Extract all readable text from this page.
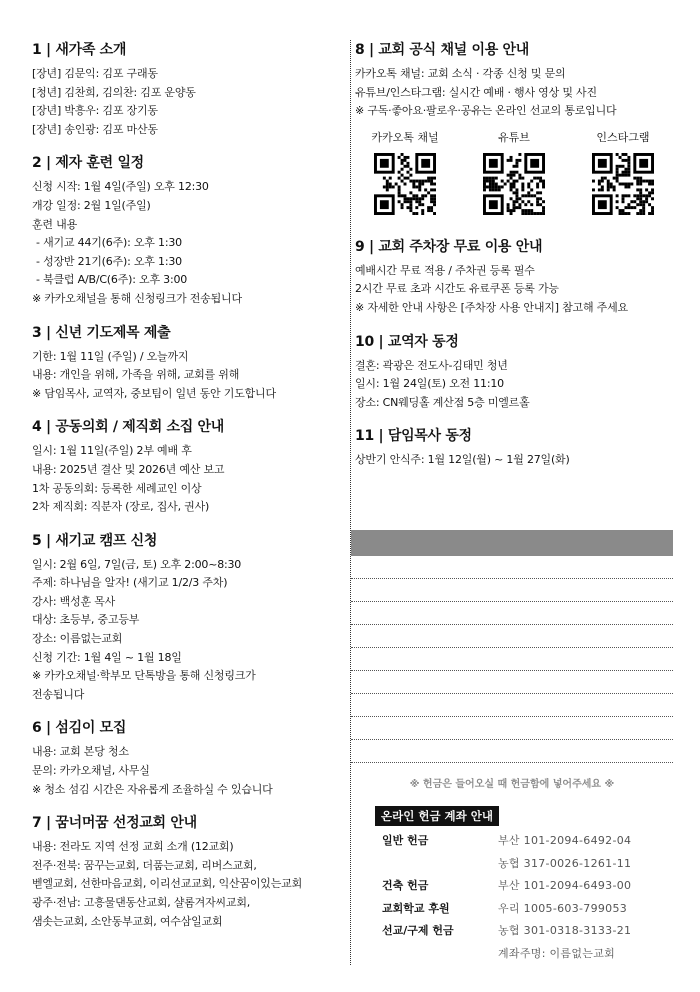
1 | 새가족 소개
[장년] 김문익: 김포 구래동
[청년] 김찬희, 김의찬: 김포 운양동
[장년] 박흥우: 김포 장기동
[장년] 송인광: 김포 마산동
2 | 제자 훈련 일정
신청 시작: 1월 4일(주일) 오후 12:30
개강 일정: 2월 1일(주일)
훈련 내용
- 새기교 44기(6주): 오후 1:30
- 성장반 21기(6주): 오후 1:30
- 북클럽 A/B/C(6주): 오후 3:00
※ 카카오채널을 통해 신청링크가 전송됩니다
3 | 신년 기도제목 제출
기한: 1월 11일 (주일) / 오늘까지
내용: 개인을 위해, 가족을 위해, 교회를 위해
※ 담임목사, 교역자, 중보팀이 일년 동안 기도합니다
4 | 공동의회 / 제직회 소집 안내
일시: 1월 11일(주일) 2부 예배 후
내용: 2025년 결산 및 2026년 예산 보고
1차 공동의회: 등록한 세례교인 이상
2차 제직회: 직분자 (장로, 집사, 권사)
5 | 새기교 캠프 신청
일시: 2월 6일, 7일(금, 토) 오후 2:00~8:30
주제: 하나님을 알자! (새기교 1/2/3 주차)
강사: 백성훈 목사
대상: 초등부, 중고등부
장소: 이름없는교회
신청 기간: 1월 4일 ~ 1월 18일
※ 카카오채널·학부모 단톡방을 통해 신청링크가
전송됩니다
6 | 섬김이 모집
내용: 교회 본당 청소
문의: 카카오채널, 사무실
※ 청소 섬김 시간은 자유롭게 조율하실 수 있습니다
7 | 꿈너머꿈 선정교회 안내
내용: 전라도 지역 선정 교회 소개 (12교회)
전주·전북: 꿈꾸는교회, 더품는교회, 리버스교회,
벧엘교회, 선한마음교회, 이리선교교회, 익산꿈이있는교회
광주·전남: 고흥물댄동산교회, 샬롬겨자씨교회,
샘솟는교회, 소안동부교회, 여수삼일교회
8 | 교회 공식 채널 이용 안내
카카오톡 채널: 교회 소식 · 각종 신청 및 문의
유튜브/인스타그램: 실시간 예배 · 행사 영상 및 사진
※ 구독·좋아요·팔로우·공유는 온라인 선교의 통로입니다
카카오톡 채널	유튜브	인스타그램
9 | 교회 주차장 무료 이용 안내
예배시간 무료 적용 / 주차권 등록 필수
2시간 무료 초과 시간도 유료쿠폰 등록 가능
※ 자세한 안내 사항은 [주차장 사용 안내지] 참고해 주세요
10 | 교역자 동정
결혼: 곽광은 전도사-김태민 청년
일시: 1월 24일(토) 오전 11:10
장소: CN웨딩홀 계산점 5층 미엘르홀
11 | 담임목사 동정
상반기 안식주: 1월 12일(월) ~ 1월 27일(화)
※ 헌금은 들어오실 때 헌금함에 넣어주세요 ※
온라인 헌금 계좌 안내
일반 헌금	부산 101-2094-6492-04
농협 317-0026-1261-11
건축 헌금	부산 101-2094-6493-00
교회학교 후원	우리 1005-603-799053
선교/구제 헌금	농협 301-0318-3133-21
계좌주명: 이름없는교회
